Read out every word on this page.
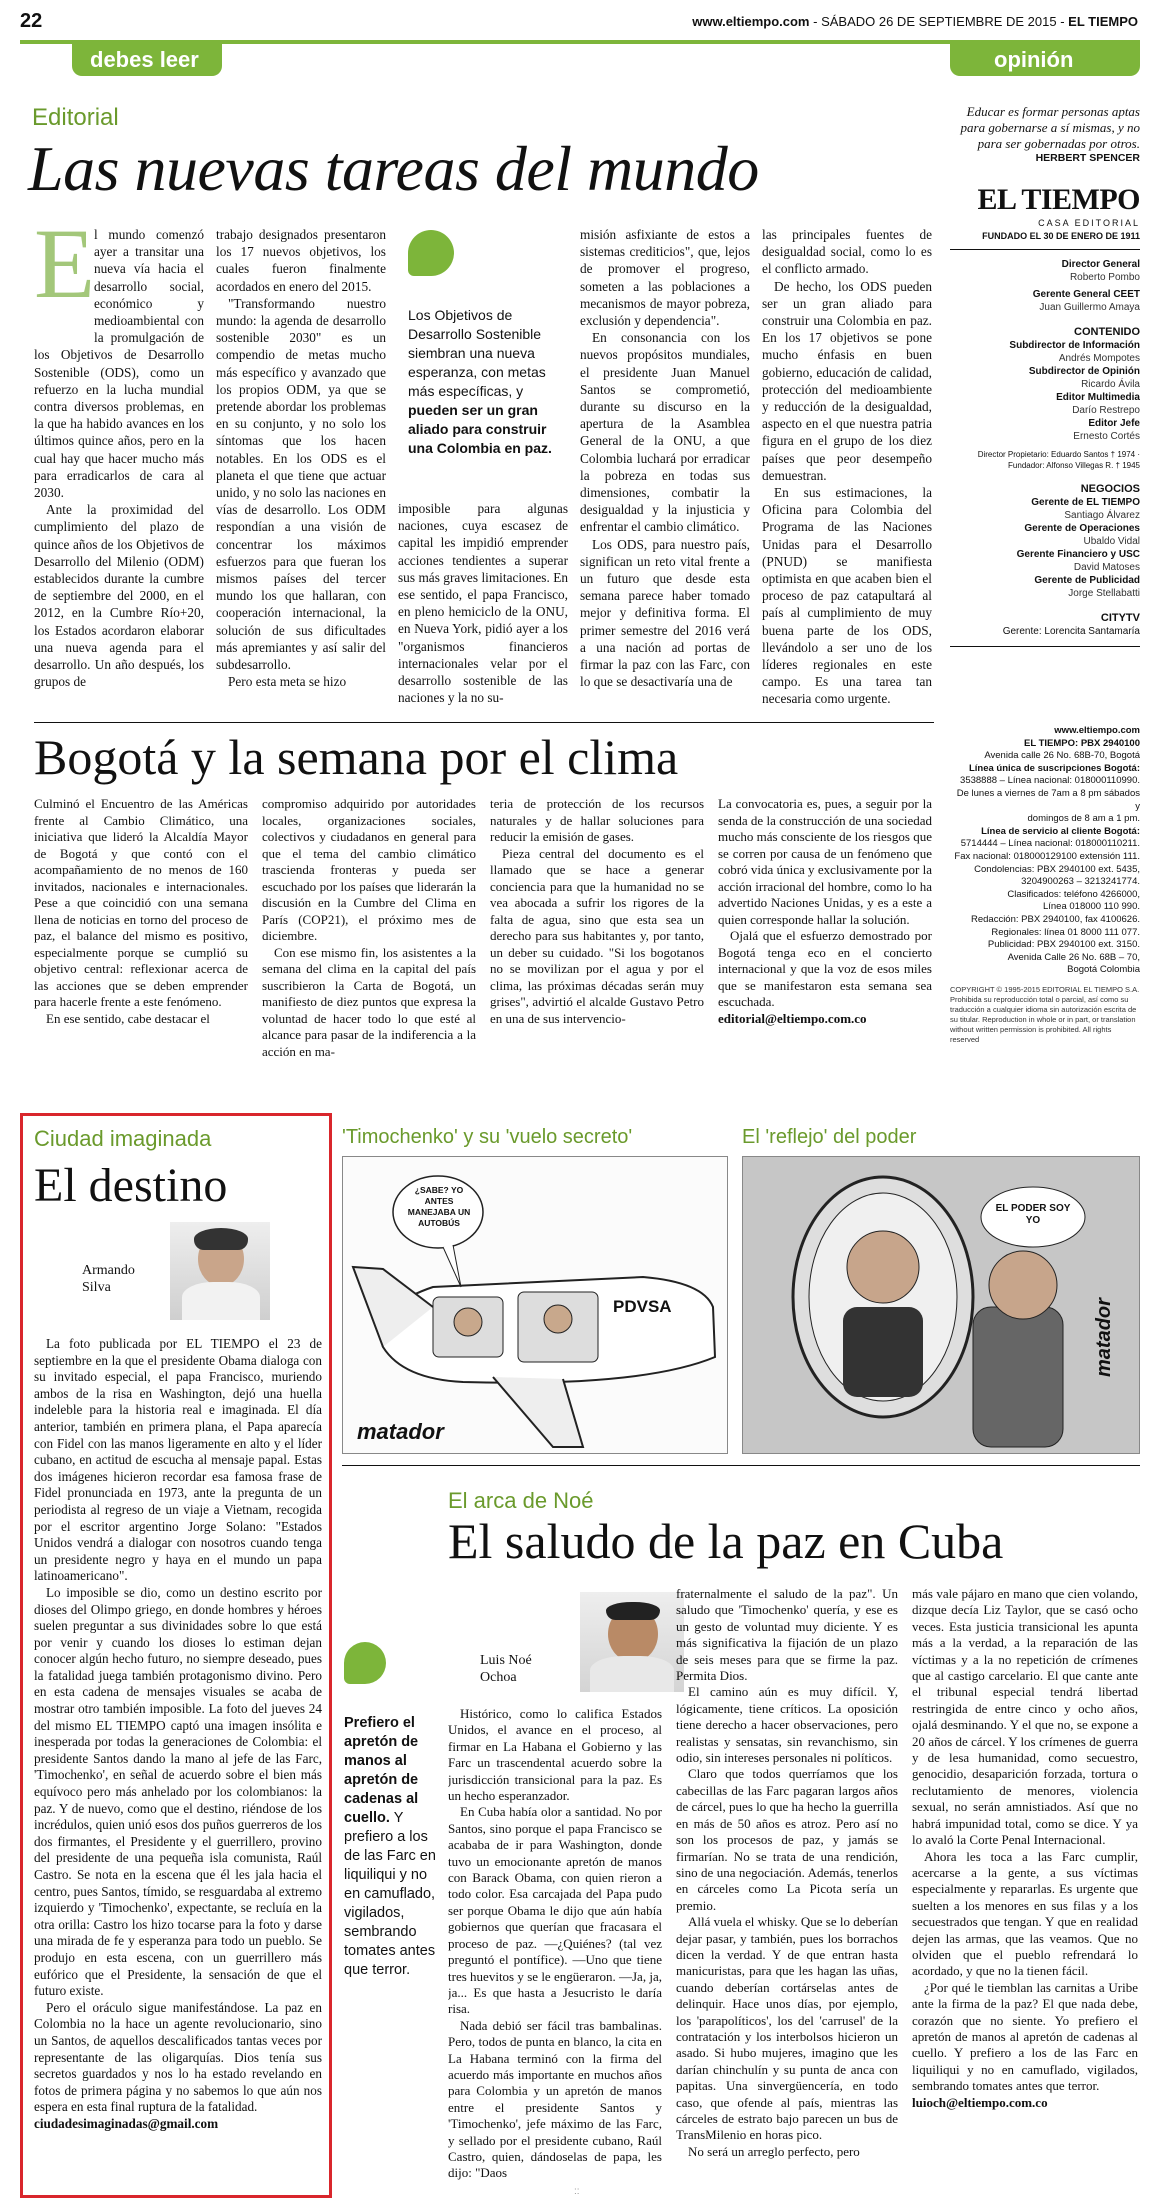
22	www.eltiempo.com - SÁBADO 26 DE SEPTIEMBRE DE 2015 - EL TIEMPO
debes leer	opinión
Editorial
Las nuevas tareas del mundo
E

l mundo comenzó ayer a transitar una nueva vía hacia el desarrollo social, económico y medioambiental con la promulgación de los Objetivos de Desarrollo Sostenible (ODS), como un refuerzo en la lucha mundial contra diversos problemas, en la que ha habido avances en los últimos quince años, pero en la cual hay que hacer mucho más para erradicarlos de cara al 2030.

Ante la proximidad del cumplimiento del plazo de quince años de los Objetivos de Desarrollo del Milenio (ODM) establecidos durante la cumbre de septiembre del 2000, en el 2012, en la Cumbre Río+20, los Estados acordaron elaborar una nueva agenda para el desarrollo. Un año después, los grupos de

trabajo designados presentaron los 17 nuevos objetivos, los cuales fueron finalmente acordados en enero del 2015.

"Transformando nuestro mundo: la agenda de desarrollo sostenible 2030" es un compendio de metas mucho más específico y avanzado que los propios ODM, ya que se pretende abordar los problemas en su conjunto, y no solo los síntomas que los hacen notables. En los ODS es el planeta el que tiene que actuar unido, y no solo las naciones en vías de desarrollo. Los ODM respondían a una visión de concentrar los máximos esfuerzos para que fueran los mismos países del tercer mundo los que hallaran, con cooperación internacional, la solución de sus dificultades más apremiantes y así salir del subdesarrollo.

Pero esta meta se hizo

Los Objetivos de Desarrollo Sostenible siembran una nueva esperanza, con metas más específicas, y pueden ser un gran aliado para construir una Colombia en paz.

imposible para algunas naciones, cuya escasez de capital les impidió emprender acciones tendientes a superar sus más graves limitaciones. En ese sentido, el papa Francisco, en pleno hemiciclo de la ONU, en Nueva York, pidió ayer a los "organismos financieros internacionales velar por el desarrollo sostenible de las naciones y la no su-

misión asfixiante de estos a sistemas crediticios", que, lejos de promover el progreso, someten a las poblaciones a mecanismos de mayor pobreza, exclusión y dependencia".

En consonancia con los nuevos propósitos mundiales, el presidente Juan Manuel Santos se comprometió, durante su discurso en la apertura de la Asamblea General de la ONU, a que Colombia luchará por erradicar la pobreza en todas sus dimensiones, combatir la desigualdad y la injusticia y enfrentar el cambio climático.

Los ODS, para nuestro país, significan un reto vital frente a un futuro que desde esta semana parece haber tomado mejor y definitiva forma. El primer semestre del 2016 verá a una nación ad portas de firmar la paz con las Farc, con lo que se desactivaría una de

las principales fuentes de desigualdad social, como lo es el conflicto armado.

De hecho, los ODS pueden ser un gran aliado para construir una Colombia en paz. En los 17 objetivos se pone mucho énfasis en buen gobierno, educación de calidad, protección del medioambiente y reducción de la desigualdad, aspecto en el que nuestra patria figura en el grupo de los diez países que peor desempeño demuestran.

En sus estimaciones, la Oficina para Colombia del Programa de las Naciones Unidas para el Desarrollo (PNUD) se manifiesta optimista en que acaben bien el proceso de paz catapultará al país al cumplimiento de muy buena parte de los ODS, llevándolo a ser uno de los líderes regionales en este campo. Es una tarea tan necesaria como urgente.

Educar es formar personas aptas para gobernarse a sí mismas, y no para ser gobernadas por otros.

HERBERT SPENCER

EL TIEMPO

CASA EDITORIAL

FUNDADO EL 30 DE ENERO DE 1911

Director General

Roberto Pombo

Gerente General CEET

Juan Guillermo Amaya

CONTENIDO

Subdirector de Información

Andrés Mompotes

Subdirector de Opinión

Ricardo Ávila

Editor Multimedia

Darío Restrepo

Editor Jefe

Ernesto Cortés

Director Propietario: Eduardo Santos † 1974 · Fundador: Alfonso Villegas R. † 1945

NEGOCIOS

Gerente de EL TIEMPO

Santiago Álvarez

Gerente de Operaciones

Ubaldo Vidal

Gerente Financiero y USC

David Matoses

Gerente de Publicidad

Jorge Stellabatti

CITYTV

Gerente: Lorencita Santamaría

www.eltiempo.com
EL TIEMPO: PBX 2940100
Avenida calle 26 No. 68B-70, Bogotá
Línea única de suscripciones Bogotá:
3538888 – Línea nacional: 018000110990.
De lunes a viernes de 7am a 8 pm sábados y
domingos de 8 am a 1 pm.
Línea de servicio al cliente Bogotá:
5714444 – Línea nacional: 018000110211.
Fax nacional: 018000129100 extensión 111.
Condolencias: PBX 2940100 ext. 5435,
3204900263 – 3213241774.
Clasificados: teléfono 4266000,
Línea 018000 110 990.
Redacción: PBX 2940100, fax 4100626.
Regionales: línea 01 8000 111 077.
Publicidad: PBX 2940100 ext. 3150.
Avenida Calle 26 No. 68B – 70,
Bogotá Colombia
COPYRIGHT © 1995-2015 EDITORIAL EL TIEMPO S.A. Prohibida su reproducción total o parcial, así como su traducción a cualquier idioma sin autorización escrita de su titular. Reproduction in whole or in part, or translation without written permission is prohibited. All rights reserved
Bogotá y la semana por el clima

Culminó el Encuentro de las Américas frente al Cambio Climático, una iniciativa que lideró la Alcaldía Mayor de Bogotá y que contó con el acompañamiento de no menos de 160 invitados, nacionales e internacionales. Pese a que coincidió con una semana llena de noticias en torno del proceso de paz, el balance del mismo es positivo, especialmente porque se cumplió su objetivo central: reflexionar acerca de las acciones que se deben emprender para hacerle frente a este fenómeno.

En ese sentido, cabe destacar el

compromiso adquirido por autoridades locales, organizaciones sociales, colectivos y ciudadanos en general para que el tema del cambio climático trascienda fronteras y pueda ser escuchado por los países que liderarán la discusión en la Cumbre del Clima en París (COP21), el próximo mes de diciembre.

Con ese mismo fin, los asistentes a la semana del clima en la capital del país suscribieron la Carta de Bogotá, un manifiesto de diez puntos que expresa la voluntad de hacer todo lo que esté al alcance para pasar de la indiferencia a la acción en ma-

teria de protección de los recursos naturales y de hallar soluciones para reducir la emisión de gases.

Pieza central del documento es el llamado que se hace a generar conciencia para que la humanidad no se vea abocada a sufrir los rigores de la falta de agua, sino que esta sea un derecho para sus habitantes y, por tanto, un deber su cuidado. "Si los bogotanos no se movilizan por el agua y por el clima, las próximas décadas serán muy grises", advirtió el alcalde Gustavo Petro en una de sus intervencio-

La convocatoria es, pues, a seguir por la senda de la construcción de una sociedad mucho más consciente de los riesgos que se corren por causa de un fenómeno que cobró vida única y exclusivamente por la acción irracional del hombre, como lo ha advertido Naciones Unidas, y es a este a quien corresponde hallar la solución.

Ojalá que el esfuerzo demostrado por Bogotá tenga eco en el concierto internacional y que la voz de esos miles que se manifestaron esta semana sea escuchada.

editorial@eltiempo.com.co

Ciudad imaginada
El destino
Armando Silva

La foto publicada por EL TIEMPO el 23 de septiembre en la que el presidente Obama dialoga con su invitado especial, el papa Francisco, muriendo ambos de la risa en Washington, dejó una huella indeleble para la historia real e imaginada. El día anterior, también en primera plana, el Papa aparecía con Fidel con las manos ligeramente en alto y el líder cubano, en actitud de escucha al mensaje papal. Estas dos imágenes hicieron recordar esa famosa frase de Fidel pronunciada en 1973, ante la pregunta de un periodista al regreso de un viaje a Vietnam, recogida por el escritor argentino Jorge Solano: "Estados Unidos vendrá a dialogar con nosotros cuando tenga un presidente negro y haya en el mundo un papa latinoamericano".

Lo imposible se dio, como un destino escrito por dioses del Olimpo griego, en donde hombres y héroes suelen preguntar a sus divinidades sobre lo que está por venir y cuando los dioses lo estiman dejan conocer algún hecho futuro, no siempre deseado, pues la fatalidad juega también protagonismo divino. Pero en esta cadena de mensajes visuales se acaba de mostrar otro también imposible. La foto del jueves 24 del mismo EL TIEMPO captó una imagen insólita e inesperada por todas la generaciones de Colombia: el presidente Santos dando la mano al jefe de las Farc, 'Timochenko', en señal de acuerdo sobre el bien más equívoco pero más anhelado por los colombianos: la paz. Y de nuevo, como que el destino, riéndose de los incrédulos, quien unió esos dos puños guerreros de los dos firmantes, el Presidente y el guerrillero, provino del presidente de una pequeña isla comunista, Raúl Castro. Se nota en la escena que él les jala hacia el centro, pues Santos, tímido, se resguardaba al extremo izquierdo y 'Timochenko', expectante, se recluía en la otra orilla: Castro los hizo tocarse para la foto y darse una mirada de fe y esperanza para todo un pueblo. Se produjo en esta escena, con un guerrillero más eufórico que el Presidente, la sensación de que el futuro existe.

Pero el oráculo sigue manifestándose. La paz en Colombia no la hace un agente revolucionario, sino un Santos, de aquellos descalificados tantas veces por representante de las oligarquías. Dios tenía sus secretos guardados y nos lo ha estado revelando en fotos de primera página y no sabemos lo que aún nos espera en esta final ruptura de la fatalidad.

ciudadesimaginadas@gmail.com

'Timochenko' y su 'vuelo secreto'
¿SABE? YO ANTES MANEJABA UN AUTOBÚS
PDVSA
matador
El 'reflejo' del poder
EL PODER SOY YO
matador
El arca de Noé
El saludo de la paz en Cuba
Prefiero el apretón de manos al apretón de cadenas al cuello. Y prefiero a los de las Farc en liquiliqui y no en camuflado, vigilados, sembrando tomates antes que terror.
Luis Noé Ochoa

Histórico, como lo califica Estados Unidos, el avance en el proceso, al firmar en La Habana el Gobierno y las Farc un trascendental acuerdo sobre la jurisdicción transicional para la paz. Es un hecho esperanzador.

En Cuba había olor a santidad. No por Santos, sino porque el papa Francisco se acababa de ir para Washington, donde tuvo un emocionante apretón de manos con Barack Obama, con quien rieron a todo color. Esa carcajada del Papa pudo ser porque Obama le dijo que aún había gobiernos que querían que fracasara el proceso de paz. —¿Quiénes? (tal vez preguntó el pontífice). —Uno que tiene tres huevitos y se le engüeraron. —Ja, ja, ja... Es que hasta a Jesucristo le daría risa.

Nada debió ser fácil tras bambalinas. Pero, todos de punta en blanco, la cita en La Habana terminó con la firma del acuerdo más importante en muchos años para Colombia y un apretón de manos entre el presidente Santos y 'Timochenko', jefe máximo de las Farc, y sellado por el presidente cubano, Raúl Castro, quien, dándoselas de papa, les dijo: "Daos

fraternalmente el saludo de la paz". Un saludo que 'Timochenko' quería, y ese es un gesto de voluntad muy diciente. Y es más significativa la fijación de un plazo de seis meses para que se firme la paz. Permita Dios.

El camino aún es muy difícil. Y, lógicamente, tiene críticos. La oposición tiene derecho a hacer observaciones, pero realistas y sensatas, sin revanchismo, sin odio, sin intereses personales ni políticos.

Claro que todos querríamos que los cabecillas de las Farc pagaran largos años de cárcel, pues lo que ha hecho la guerrilla en más de 50 años es atroz. Pero así no son los procesos de paz, y jamás se firmarían. No se trata de una rendición, sino de una negociación. Además, tenerlos en cárceles como La Picota sería un premio.

Allá vuela el whisky. Que se lo deberían dejar pasar, y también, pues los borrachos dicen la verdad. Y de que entran hasta manicuristas, para que les hagan las uñas, cuando deberían cortárselas antes de delinquir. Hace unos días, por ejemplo, los 'parapolíticos', los del 'carrusel' de la contratación y los interbolsos hicieron un asado. Si hubo mujeres, imagino que les darían chinchulín y su punta de anca con papitas. Una sinvergüencería, en todo caso, que ofende al país, mientras las cárceles de estrato bajo parecen un bus de TransMilenio en horas pico.

No será un arreglo perfecto, pero

más vale pájaro en mano que cien volando, dizque decía Liz Taylor, que se casó ocho veces. Esta justicia transicional les apunta más a la verdad, a la reparación de las víctimas y a la no repetición de crímenes que al castigo carcelario. El que cante ante el tribunal especial tendrá libertad restringida de entre cinco y ocho años, ojalá desminando. Y el que no, se expone a 20 años de cárcel. Y los crímenes de guerra y de lesa humanidad, como secuestro, genocidio, desaparición forzada, tortura o reclutamiento de menores, violencia sexual, no serán amnistiados. Así que no habrá impunidad total, como se dice. Y ya lo avaló la Corte Penal Internacional.

Ahora les toca a las Farc cumplir, acercarse a la gente, a sus víctimas especialmente y repararlas. Es urgente que suelten a los menores en sus filas y a los secuestrados que tengan. Y que en realidad dejen las armas, que las veamos. Que no olviden que el pueblo refrendará lo acordado, y que no la tienen fácil.

¿Por qué le tiemblan las carnitas a Uribe ante la firma de la paz? El que nada debe, corazón que no siente. Yo prefiero el apretón de manos al apretón de cadenas al cuello. Y prefiero a los de las Farc en liquiliqui y no en camuflado, vigilados, sembrando tomates antes que terror.

luioch@eltiempo.com.co

::
